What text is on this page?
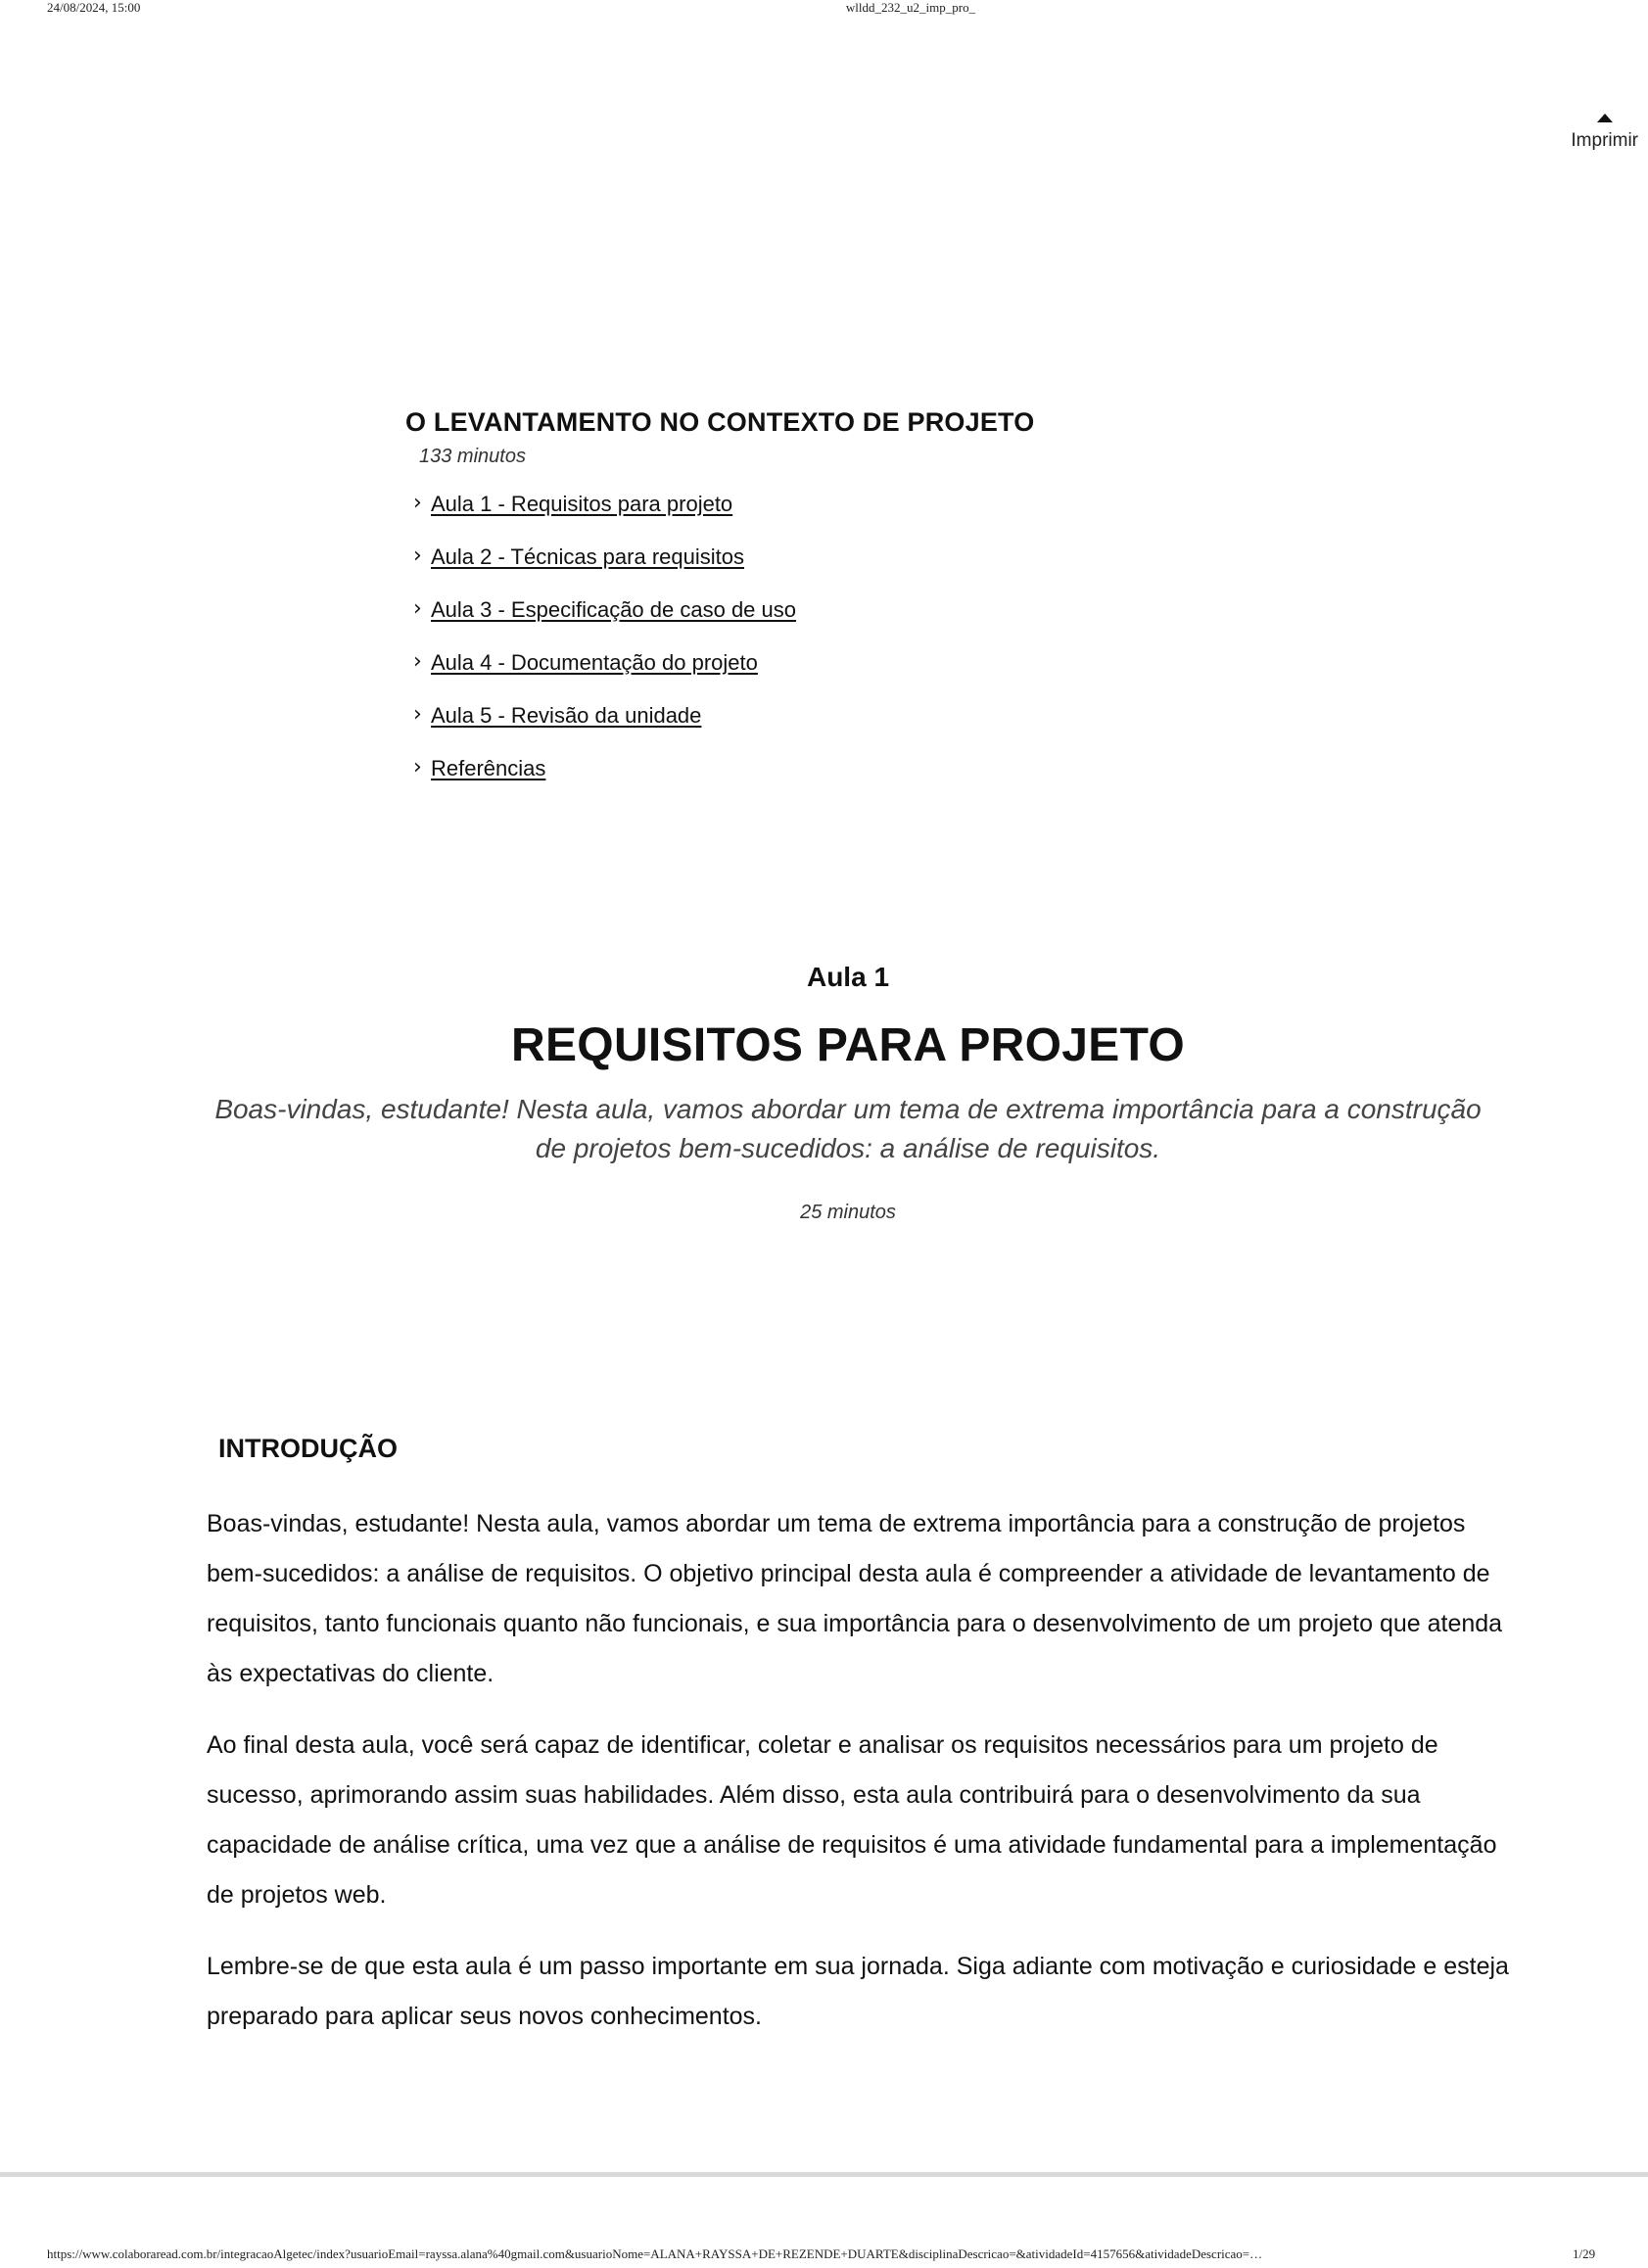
24/08/2024, 15:00	wlldd_232_u2_imp_pro_
Imprimir
O LEVANTAMENTO NO CONTEXTO DE PROJETO
133 minutos
› Aula 1 - Requisitos para projeto
› Aula 2 - Técnicas para requisitos
› Aula 3 - Especificação de caso de uso
› Aula 4 - Documentação do projeto
› Aula 5 - Revisão da unidade
› Referências
Aula 1
REQUISITOS PARA PROJETO
Boas-vindas, estudante! Nesta aula, vamos abordar um tema de extrema importância para a construção
de projetos bem-sucedidos: a análise de requisitos.
25 minutos
INTRODUÇÃO

Boas-vindas, estudante! Nesta aula, vamos abordar um tema de extrema importância para a construção de projetos bem-sucedidos: a análise de requisitos. O objetivo principal desta aula é compreender a atividade de levantamento de requisitos, tanto funcionais quanto não funcionais, e sua importância para o desenvolvimento de um projeto que atenda às expectativas do cliente.

Ao final desta aula, você será capaz de identificar, coletar e analisar os requisitos necessários para um projeto de sucesso, aprimorando assim suas habilidades. Além disso, esta aula contribuirá para o desenvolvimento da sua capacidade de análise crítica, uma vez que a análise de requisitos é uma atividade fundamental para a implementação de projetos web.

Lembre-se de que esta aula é um passo importante em sua jornada. Siga adiante com motivação e curiosidade e esteja preparado para aplicar seus novos conhecimentos.

https://www.colaboraread.com.br/integracaoAlgetec/index?usuarioEmail=rayssa.alana%40gmail.com&usuarioNome=ALANA+RAYSSA+DE+REZENDE+DUARTE&disciplinaDescricao=&atividadeId=4157656&atividadeDescricao=…	1/29
